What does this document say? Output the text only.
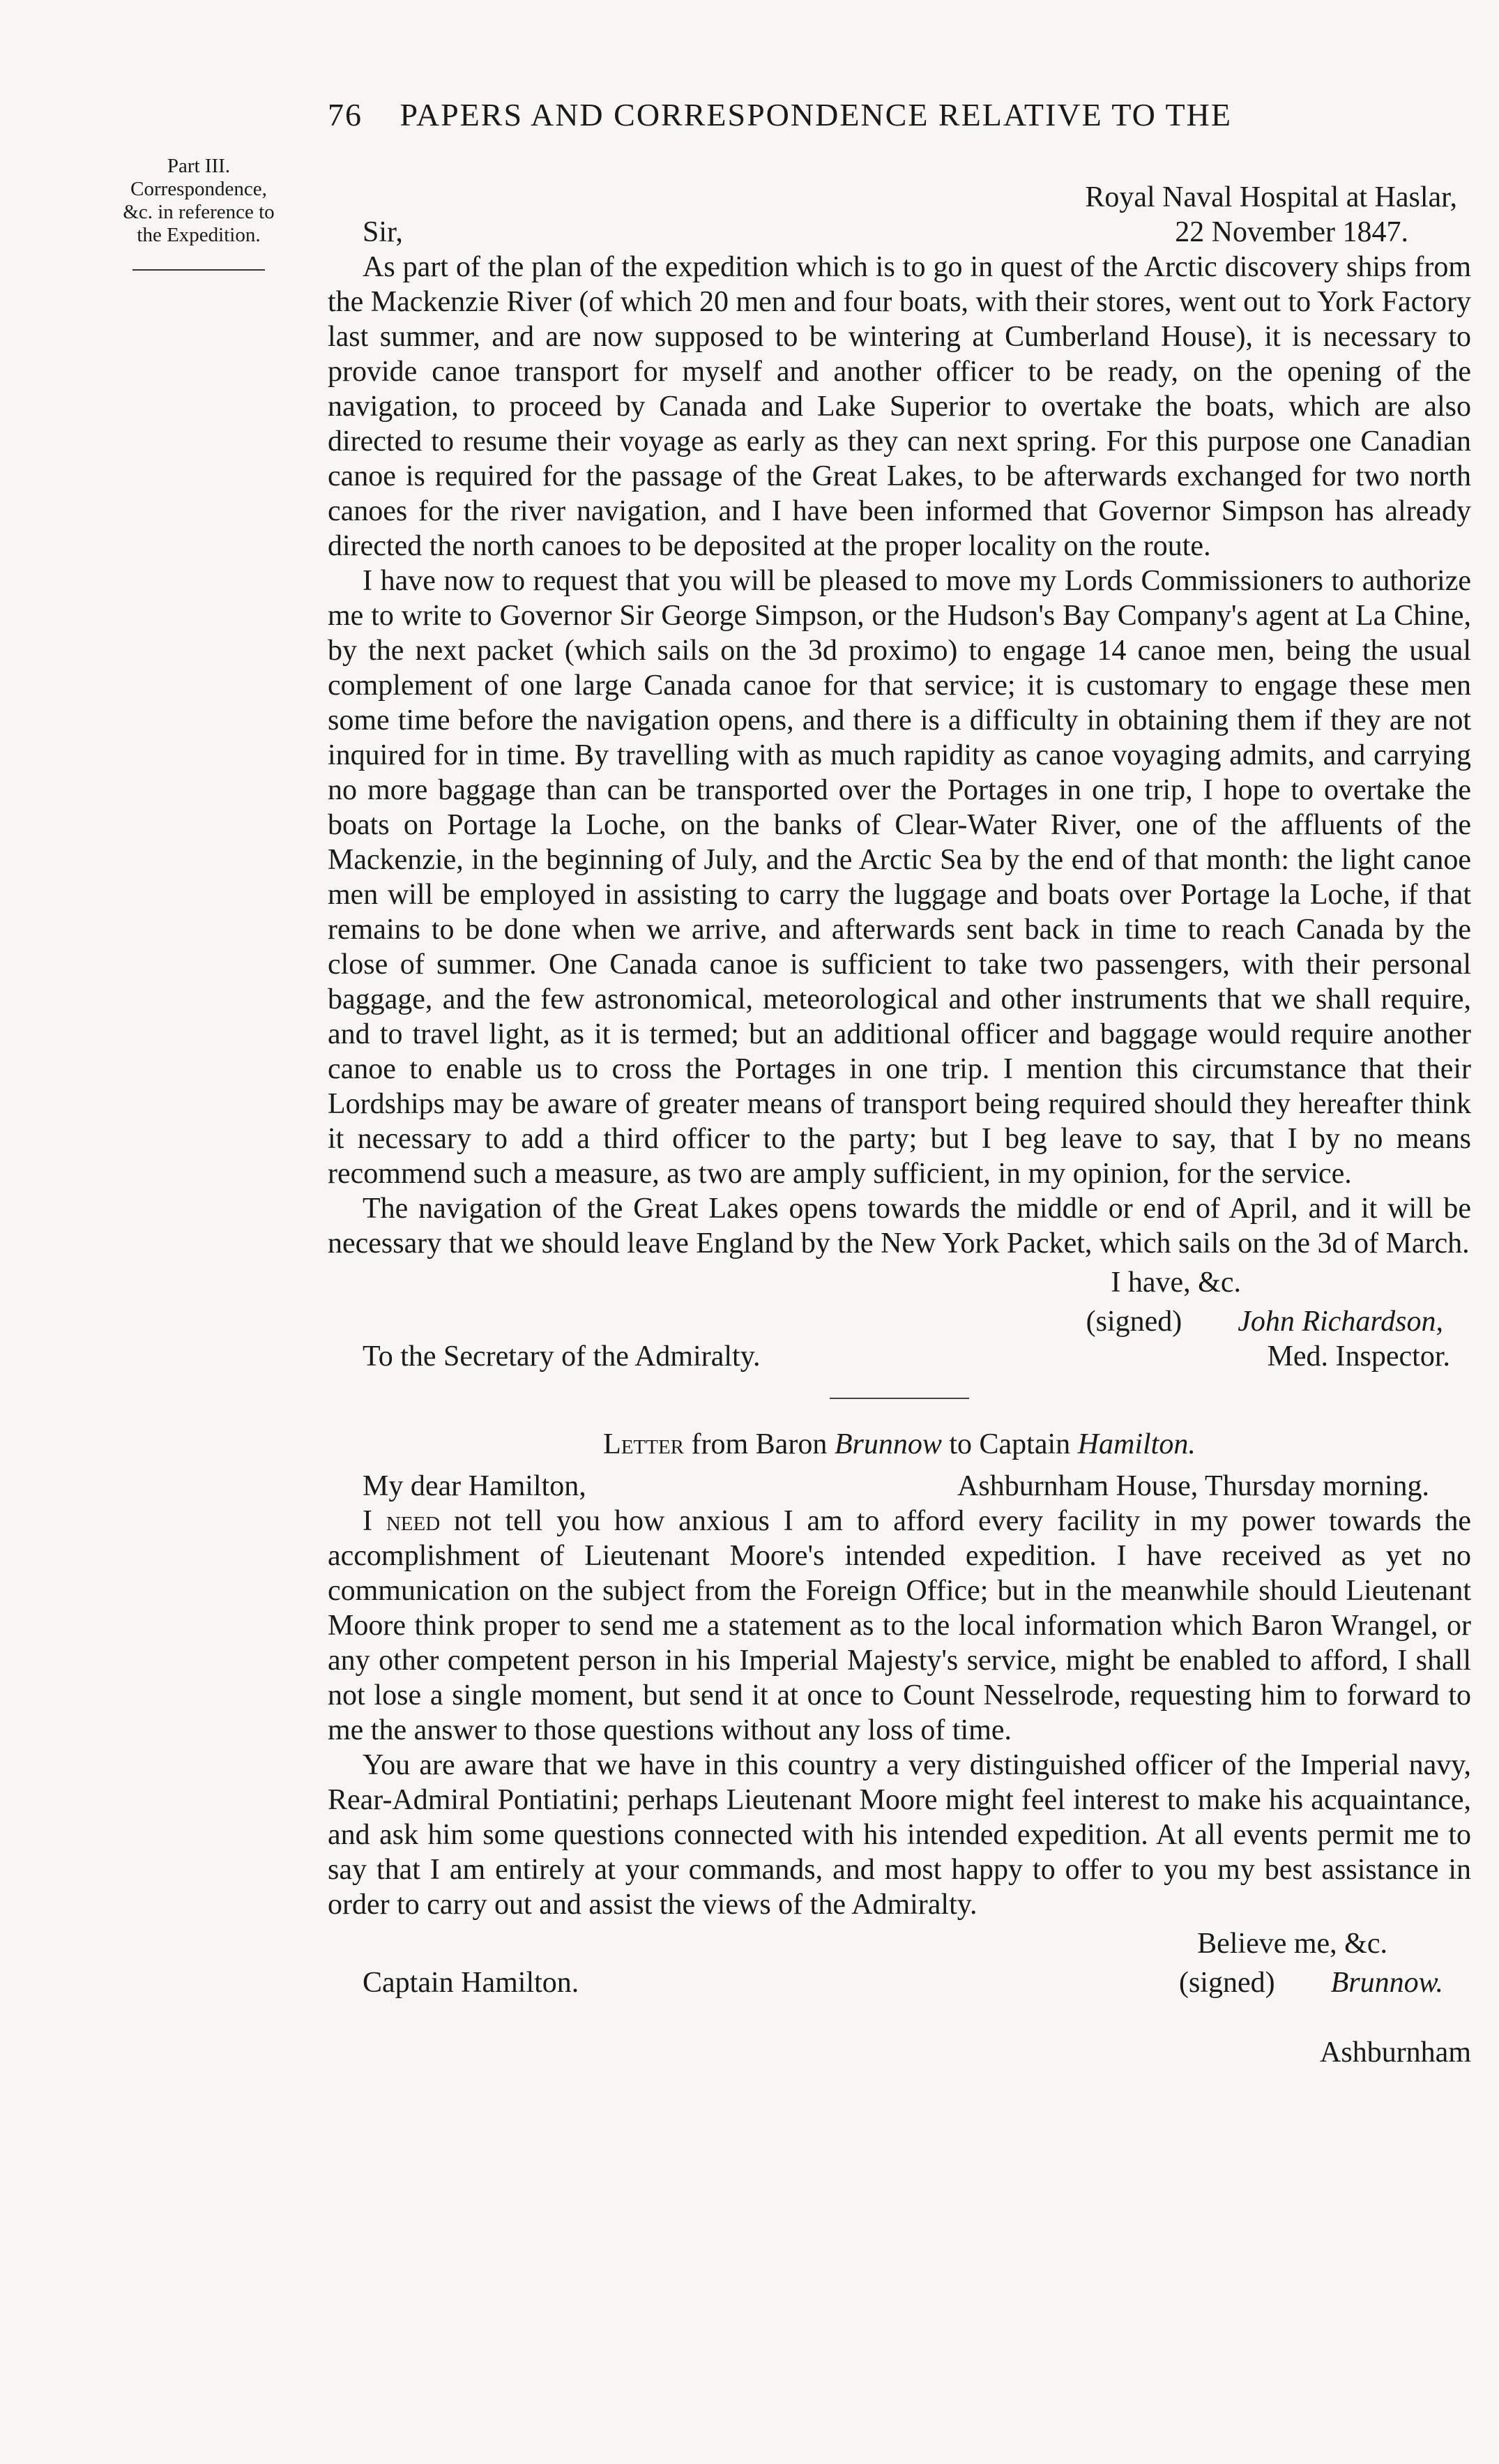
76 PAPERS AND CORRESPONDENCE RELATIVE TO THE
Part III.
Correspondence,
&c. in reference to
the Expedition.
Royal Naval Hospital at Haslar,
Sir,	22 November 1847.

As part of the plan of the expedition which is to go in quest of the Arctic discovery ships from the Mackenzie River (of which 20 men and four boats, with their stores, went out to York Factory last summer, and are now supposed to be wintering at Cumberland House), it is necessary to provide canoe transport for myself and another officer to be ready, on the opening of the navigation, to proceed by Canada and Lake Superior to overtake the boats, which are also directed to resume their voyage as early as they can next spring. For this purpose one Canadian canoe is required for the passage of the Great Lakes, to be afterwards exchanged for two north canoes for the river navigation, and I have been informed that Governor Simpson has already directed the north canoes to be deposited at the proper locality on the route.

I have now to request that you will be pleased to move my Lords Commissioners to authorize me to write to Governor Sir George Simpson, or the Hudson's Bay Company's agent at La Chine, by the next packet (which sails on the 3d proximo) to engage 14 canoe men, being the usual complement of one large Canada canoe for that service; it is customary to engage these men some time before the navigation opens, and there is a difficulty in obtaining them if they are not inquired for in time. By travelling with as much rapidity as canoe voyaging admits, and carrying no more baggage than can be transported over the Portages in one trip, I hope to overtake the boats on Portage la Loche, on the banks of Clear-Water River, one of the affluents of the Mackenzie, in the beginning of July, and the Arctic Sea by the end of that month: the light canoe men will be employed in assisting to carry the luggage and boats over Portage la Loche, if that remains to be done when we arrive, and afterwards sent back in time to reach Canada by the close of summer. One Canada canoe is sufficient to take two passengers, with their personal baggage, and the few astronomical, meteorological and other instruments that we shall require, and to travel light, as it is termed; but an additional officer and baggage would require another canoe to enable us to cross the Portages in one trip. I mention this circumstance that their Lordships may be aware of greater means of transport being required should they hereafter think it necessary to add a third officer to the party; but I beg leave to say, that I by no means recommend such a measure, as two are amply sufficient, in my opinion, for the service.

The navigation of the Great Lakes opens towards the middle or end of April, and it will be necessary that we should leave England by the New York Packet, which sails on the 3d of March.

I have, &c.
(signed) John Richardson,
To the Secretary of the Admiralty.	Med. Inspector.
Letter from Baron Brunnow to Captain Hamilton.
My dear Hamilton,	Ashburnham House, Thursday morning.

I need not tell you how anxious I am to afford every facility in my power towards the accomplishment of Lieutenant Moore's intended expedition. I have received as yet no communication on the subject from the Foreign Office; but in the meanwhile should Lieutenant Moore think proper to send me a statement as to the local information which Baron Wrangel, or any other competent person in his Imperial Majesty's service, might be enabled to afford, I shall not lose a single moment, but send it at once to Count Nesselrode, requesting him to forward to me the answer to those questions without any loss of time.

You are aware that we have in this country a very distinguished officer of the Imperial navy, Rear-Admiral Pontiatini; perhaps Lieutenant Moore might feel interest to make his acquaintance, and ask him some questions connected with his intended expedition. At all events permit me to say that I am entirely at your commands, and most happy to offer to you my best assistance in order to carry out and assist the views of the Admiralty.

Believe me, &c.
Captain Hamilton.	(signed) Brunnow.
Ashburnham
